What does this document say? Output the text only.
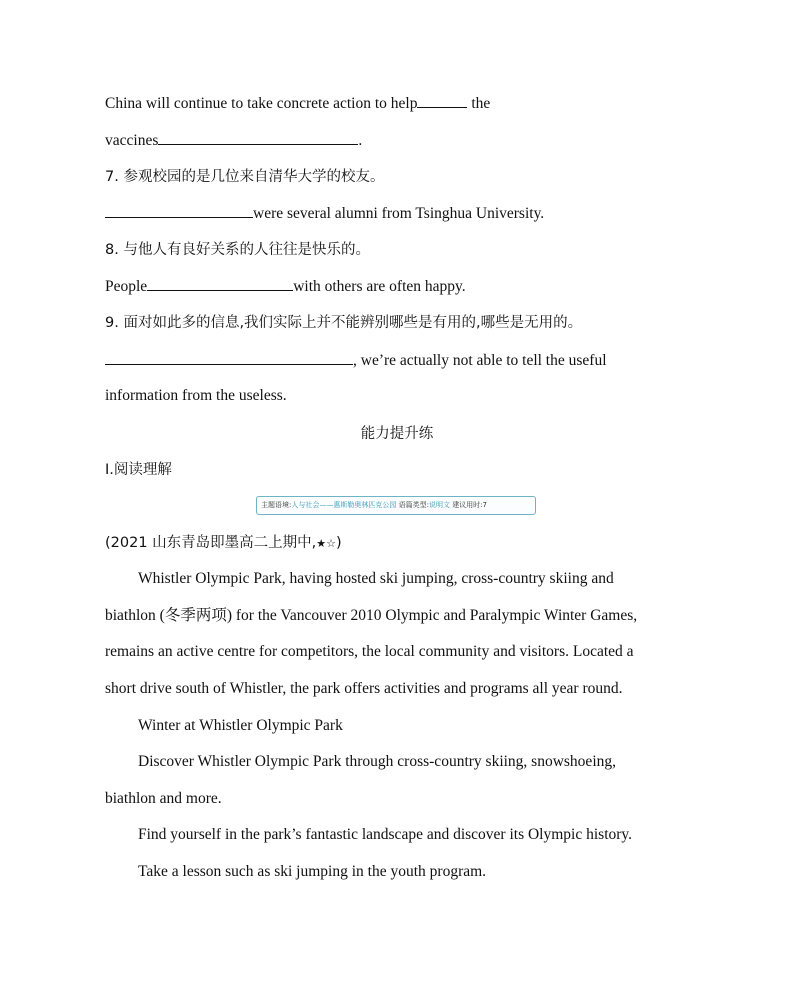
China will continue to take concrete action to help	the
vaccines	.
7. 参观校园的是几位来自清华大学的校友。
were several alumni from Tsinghua University.
8. 与他人有良好关系的人往往是快乐的。
People	with others are often happy.
9. 面对如此多的信息,我们实际上并不能辨别哪些是有用的,哪些是无用的。
, we’re actually not able to tell the useful
information from the useless.
能力提升练
Ⅰ.阅读理解
主题语境:人与社会——惠斯勒奥林匹克公园 语篇类型:说明文 建议用时:7
(2021 山东青岛即墨高二上期中,★☆)
Whistler Olympic Park, having hosted ski jumping, cross-country skiing and
biathlon (冬季两项) for the Vancouver 2010 Olympic and Paralympic Winter Games,
remains an active centre for competitors, the local community and visitors. Located a
short drive south of Whistler, the park offers activities and programs all year round.
Winter at Whistler Olympic Park
Discover Whistler Olympic Park through cross-country skiing, snowshoeing,
biathlon and more.
Find yourself in the park’s fantastic landscape and discover its Olympic history.
Take a lesson such as ski jumping in the youth program.
